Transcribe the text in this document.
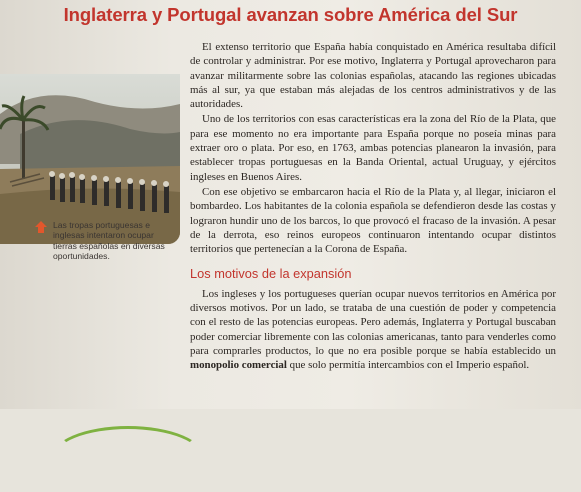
Inglaterra y Portugal avanzan sobre América del Sur

Las tropas portuguesas e inglesas intentaron ocupar tierras españolas en diversas oportunidades.

El extenso territorio que España había conquistado en América resultaba difícil de controlar y administrar. Por ese motivo, Inglaterra y Portugal aprovecharon para avanzar militarmente sobre las colonias españolas, atacando las regiones ubicadas más al sur, ya que estaban más alejadas de los centros administrativos y de las autoridades.

Uno de los territorios con esas características era la zona del Río de la Plata, que para ese momento no era importante para España porque no poseía minas para extraer oro o plata. Por eso, en 1763, ambas potencias planearon la invasión, para establecer tropas portuguesas en la Banda Oriental, actual Uruguay, y ejércitos ingleses en Buenos Aires.

Con ese objetivo se embarcaron hacia el Río de la Plata y, al llegar, iniciaron el bombardeo. Los habitantes de la colonia española se defendieron desde las costas y lograron hundir uno de los barcos, lo que provocó el fracaso de la invasión. A pesar de la derrota, eso reinos europeos continuaron intentando ocupar distintos territorios que pertenecían a la Corona de España.

Los motivos de la expansión

Los ingleses y los portugueses querían ocupar nuevos territorios en América por diversos motivos. Por un lado, se trataba de una cuestión de poder y competencia con el resto de las potencias europeas. Pero además, Inglaterra y Portugal buscaban poder comerciar libremente con las colonias americanas, tanto para venderles como para comprarles productos, lo que no era posible porque se había establecido un monopolio comercial que solo permitía intercambios con el Imperio español.
